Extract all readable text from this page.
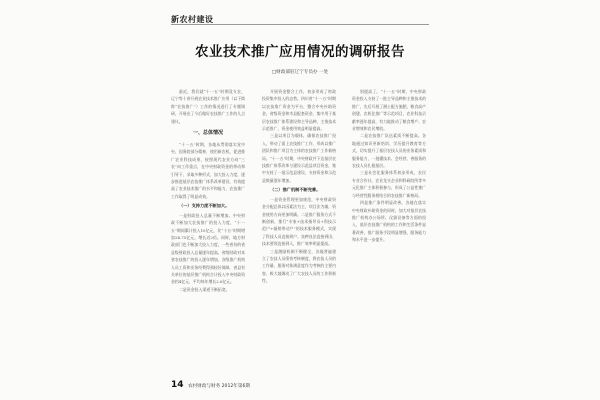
新农村建设
农业技术推广应用情况的调研报告
□财政部驻辽宁专员办 一处

最近，我们就“十一五”时期竟支农、辽宁等十省开展农业技术推广应用（以下简称“农技推广”）工作的情况进行了专题调研，开展出了今后做好农技推广工作的几点建议。

一、总体情况

“十一五”时期，各地从贯彻落实党中央、国务院部分精神，使用新农机，促进推广农业科技成果，按照现代农业方向“三农”向工作重点，在中央财政资金的带动和引导下，采取多种形式，加大投入力度，逐步推进基层农技推广体系改革建设，有效提高了农业技术推广的水平和能力，农技推广工作取得了明显成效。

（一）支持力度不断加大。

一是财政投入总量不断增加。中央财政不断加大农技推广的投入力度，“十一五”期间累计投入10亿元，比“十五”时期增加24.75亿元，增长近2倍。同时，地方财政部门也不断加大投入力度，一些省份的省县级财政投入总量逐年提高。省级财政对本省农技推广的投入逐年增加，各级推广机构人员工资和业务经费得到较好保障，省县有关单位的基层推广机构合计投入中央财政资金约4亿元，平均每年增长2.6亿元。

二是资金投入渠道不断拓宽。

开展资金整合工作，初步形成了财政投资集中投入的态势。四川省“十一五”时期以农技推广资金为平台，整合中央补助资金、省级资金和市县配套资金，集中用于基层农技推广体系建设和主导品种、主推技术示范推广，资金使用效益明显提高。

三是以项目为载体，确保农技推广投入，带动了面上农技推广工作，形成以推广团队和推广项目为主体的农技推广工作新格局。“十一五”时期，中央财政共下达基层农技推广体系改革与建设示范县项目资金，集中支持了一批示范县建设，支持资金和示范县数量逐年增加。

（二）推广机制不断完善。

一是资金管理更加规范，中央财政资金分配总体以因素法为主、项目法为辅，资金使用方向更加明确。二是推广服务方式不断创新，推行“专家+技术指导员+科技示范户+辐射带动户”的技术服务模式，实现了科技人员直接到户、良种良法直接到田、技术要领直接到人，推广效率明显提高。

三是激励机制不断健全，各地普遍建立了农技人员绩效考核制度，将农技人员的工作量、服务对象满意度作为考核的主要内容，极大地调动了广大农技人员的工作积极性。

别提高了。“十一五”时期，中央财政资金投入支持了一批主导品种和主推技术的推广，先后开展了测土配方施肥、粮食高产创建、农机化推广等示范项目，农业科技贡献率逐年提高，有力地推动了粮食增产、农业增效和农民增收。

二是农技推广队伍素质不断提高。各地通过知识更新培训、学历提升教育等方式，切实提升了基层农技人员的业务素质和服务能力，一批懂技术、会经营、善服务的农技人员扎根基层。

三是社会化服务体系初步形成，农民专业合作社、农业龙头企业和科研院所等多元化推广主体积极参与，形成了公益性推广与经营性服务相结合的农技推广新格局。

四是推广条件明显改善。各地在落实中央财政补助资金的同时，加大对基层农技推广机构办公场所、仪器设备等方面的投入，基层农技推广机构的工作和生活条件显著改善，推广服务手段明显增强，服务能力和水平进一步提升。

14 农村财政与财务 2012年第6期
